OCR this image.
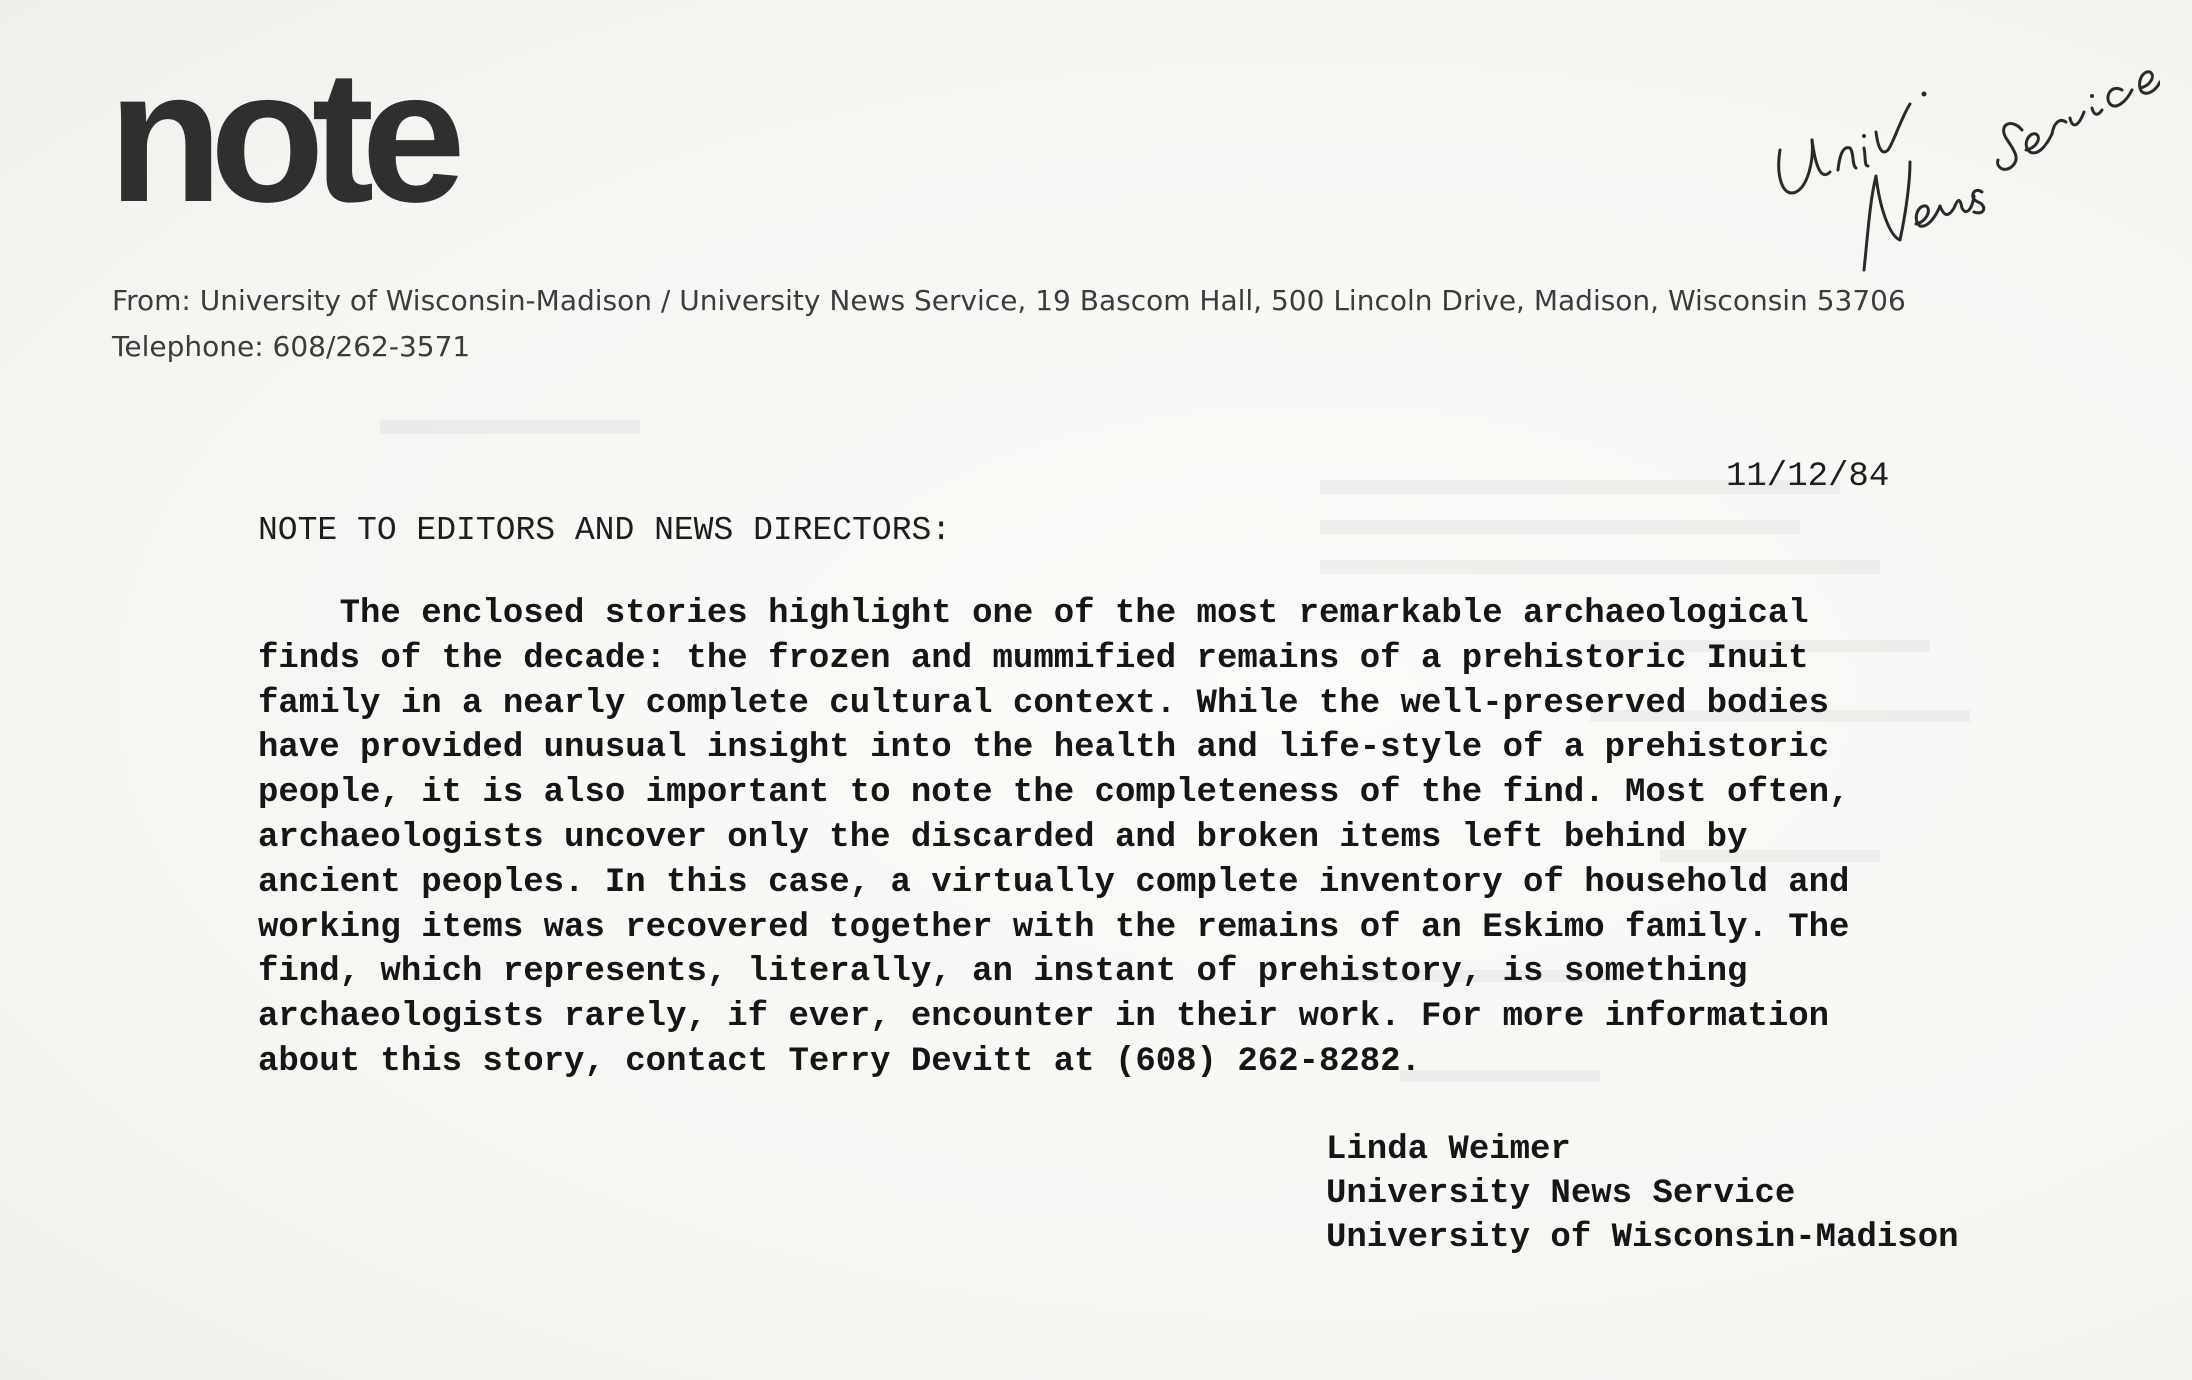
note
From: University of Wisconsin-Madison / University News Service, 19 Bascom Hall, 500 Lincoln Drive, Madison, Wisconsin 53706
Telephone: 608/262-3571
11/12/84
NOTE TO EDITORS AND NEWS DIRECTORS:
The enclosed stories highlight one of the most remarkable archaeological
finds of the decade: the frozen and mummified remains of a prehistoric Inuit
family in a nearly complete cultural context. While the well-preserved bodies
have provided unusual insight into the health and life-style of a prehistoric
people, it is also important to note the completeness of the find. Most often,
archaeologists uncover only the discarded and broken items left behind by
ancient peoples. In this case, a virtually complete inventory of household and
working items was recovered together with the remains of an Eskimo family. The
find, which represents, literally, an instant of prehistory, is something
archaeologists rarely, if ever, encounter in their work. For more information
about this story, contact Terry Devitt at (608) 262-8282.
Linda Weimer
University News Service
University of Wisconsin-Madison
